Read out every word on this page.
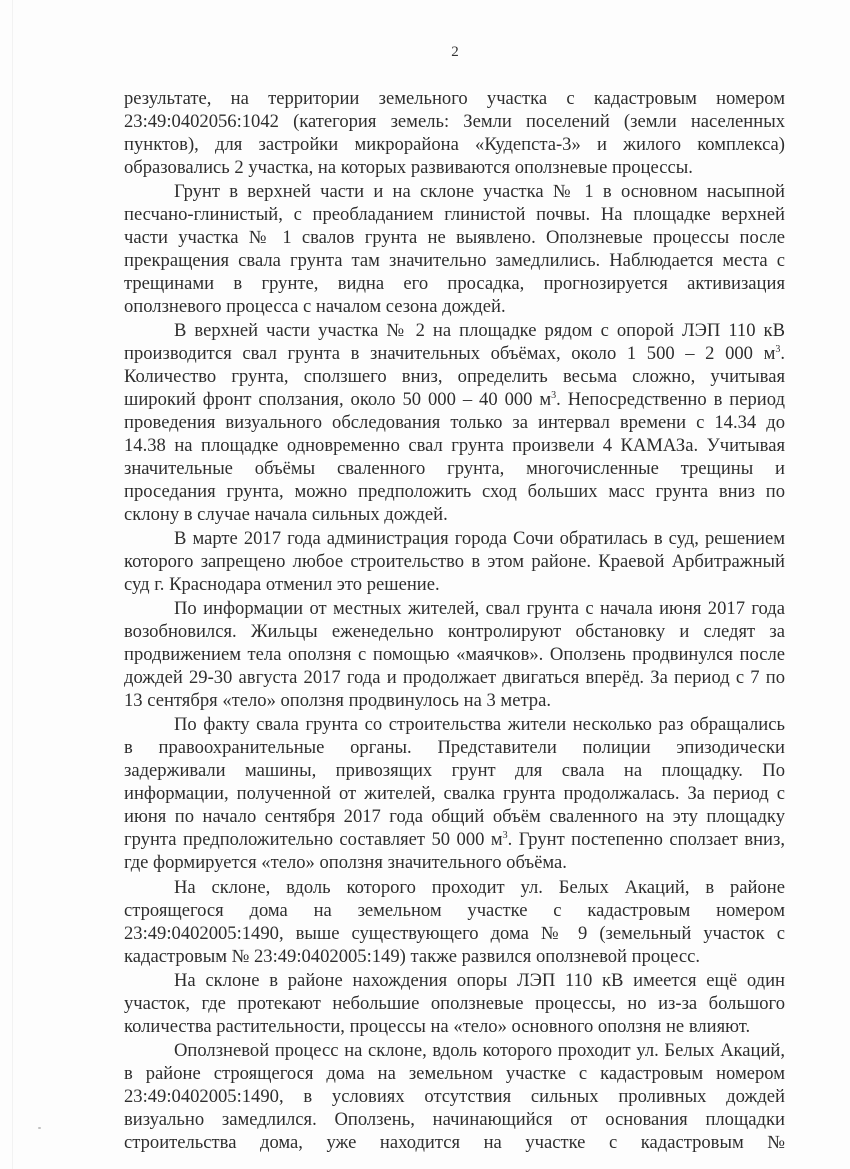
2
результате, на территории земельного участка с кадастровым номером
23:49:0402056:1042 (категория земель: Земли поселений (земли населенных
пунктов), для застройки микрорайона «Кудепста-3» и жилого комплекса)
образовались 2 участка, на которых развиваются оползневые процессы.
Грунт в верхней части и на склоне участка № 1 в основном насыпной
песчано-глинистый, с преобладанием глинистой почвы. На площадке верхней
части участка № 1 свалов грунта не выявлено. Оползневые процессы после
прекращения свала грунта там значительно замедлились. Наблюдается места с
трещинами в грунте, видна его просадка, прогнозируется активизация
оползневого процесса с началом сезона дождей.
В верхней части участка № 2 на площадке рядом с опорой ЛЭП 110 кВ
производится свал грунта в значительных объёмах, около 1 500 – 2 000 $м^3$.
Количество грунта, сползшего вниз, определить весьма сложно, учитывая
широкий фронт сползания, около 50 000 – 40 000 $м^3$. Непосредственно в период
проведения визуального обследования только за интервал времени с 14.34 до
14.38 на площадке одновременно свал грунта произвели 4 КАМАЗа. Учитывая
значительные объёмы сваленного грунта, многочисленные трещины и
проседания грунта, можно предположить сход больших масс грунта вниз по
склону в случае начала сильных дождей.
В марте 2017 года администрация города Сочи обратилась в суд, решением
которого запрещено любое строительство в этом районе. Краевой Арбитражный
суд г. Краснодара отменил это решение.
По информации от местных жителей, свал грунта с начала июня 2017 года
возобновился. Жильцы еженедельно контролируют обстановку и следят за
продвижением тела оползня с помощью «маячков». Оползень продвинулся после
дождей 29-30 августа 2017 года и продолжает двигаться вперёд. За период с 7 по
13 сентября «тело» оползня продвинулось на 3 метра.
По факту свала грунта со строительства жители несколько раз обращались
в правоохранительные органы. Представители полиции эпизодически
задерживали машины, привозящих грунт для свала на площадку. По
информации, полученной от жителей, свалка грунта продолжалась. За период с
июня по начало сентября 2017 года общий объём сваленного на эту площадку
грунта предположительно составляет 50 000 $м^3$. Грунт постепенно сползает вниз,
где формируется «тело» оползня значительного объёма.
На склоне, вдоль которого проходит ул. Белых Акаций, в районе
строящегося дома на земельном участке с кадастровым номером
23:49:0402005:1490, выше существующего дома № 9 (земельный участок с
кадастровым № 23:49:0402005:149) также развился оползневой процесс.
На склоне в районе нахождения опоры ЛЭП 110 кВ имеется ещё один
участок, где протекают небольшие оползневые процессы, но из-за большого
количества растительности, процессы на «тело» основного оползня не влияют.
Оползневой процесс на склоне, вдоль которого проходит ул. Белых Акаций,
в районе строящегося дома на земельном участке с кадастровым номером
23:49:0402005:1490, в условиях отсутствия сильных проливных дождей
визуально замедлился. Оползень, начинающийся от основания площадки
строительства дома, уже находится на участке с кадастровым №
